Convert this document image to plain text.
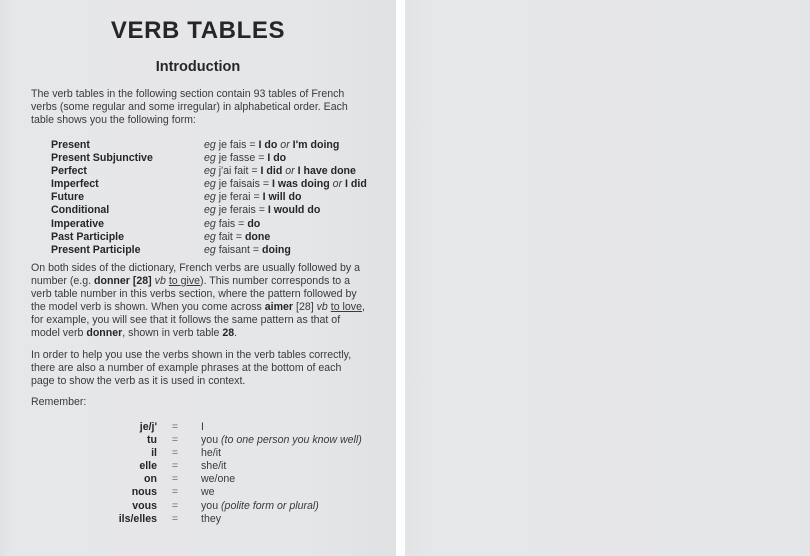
VERB TABLES
Introduction
The verb tables in the following section contain 93 tables of French verbs (some regular and some irregular) in alphabetical order. Each table shows you the following form:
Present	eg je fais = I do or I'm doing
Present Subjunctive	eg je fasse = I do
Perfect	eg j'ai fait = I did or I have done
Imperfect	eg je faisais = I was doing or I did
Future	eg je ferai = I will do
Conditional	eg je ferais = I would do
Imperative	eg fais = do
Past Participle	eg fait = done
Present Participle	eg faisant = doing
On both sides of the dictionary, French verbs are usually followed by a number (e.g. donner [28] vb to give). This number corresponds to a verb table number in this verbs section, where the pattern followed by the model verb is shown. When you come across aimer [28] vb to love, for example, you will see that it follows the same pattern as that of model verb donner, shown in verb table 28.
In order to help you use the verbs shown in the verb tables correctly, there are also a number of example phrases at the bottom of each page to show the verb as it is used in context.
Remember:
je/j'	=	I
tu	=	you (to one person you know well)
il	=	he/it
elle	=	she/it
on	=	we/one
nous	=	we
vous	=	you (polite form or plural)
ils/elles	=	they
